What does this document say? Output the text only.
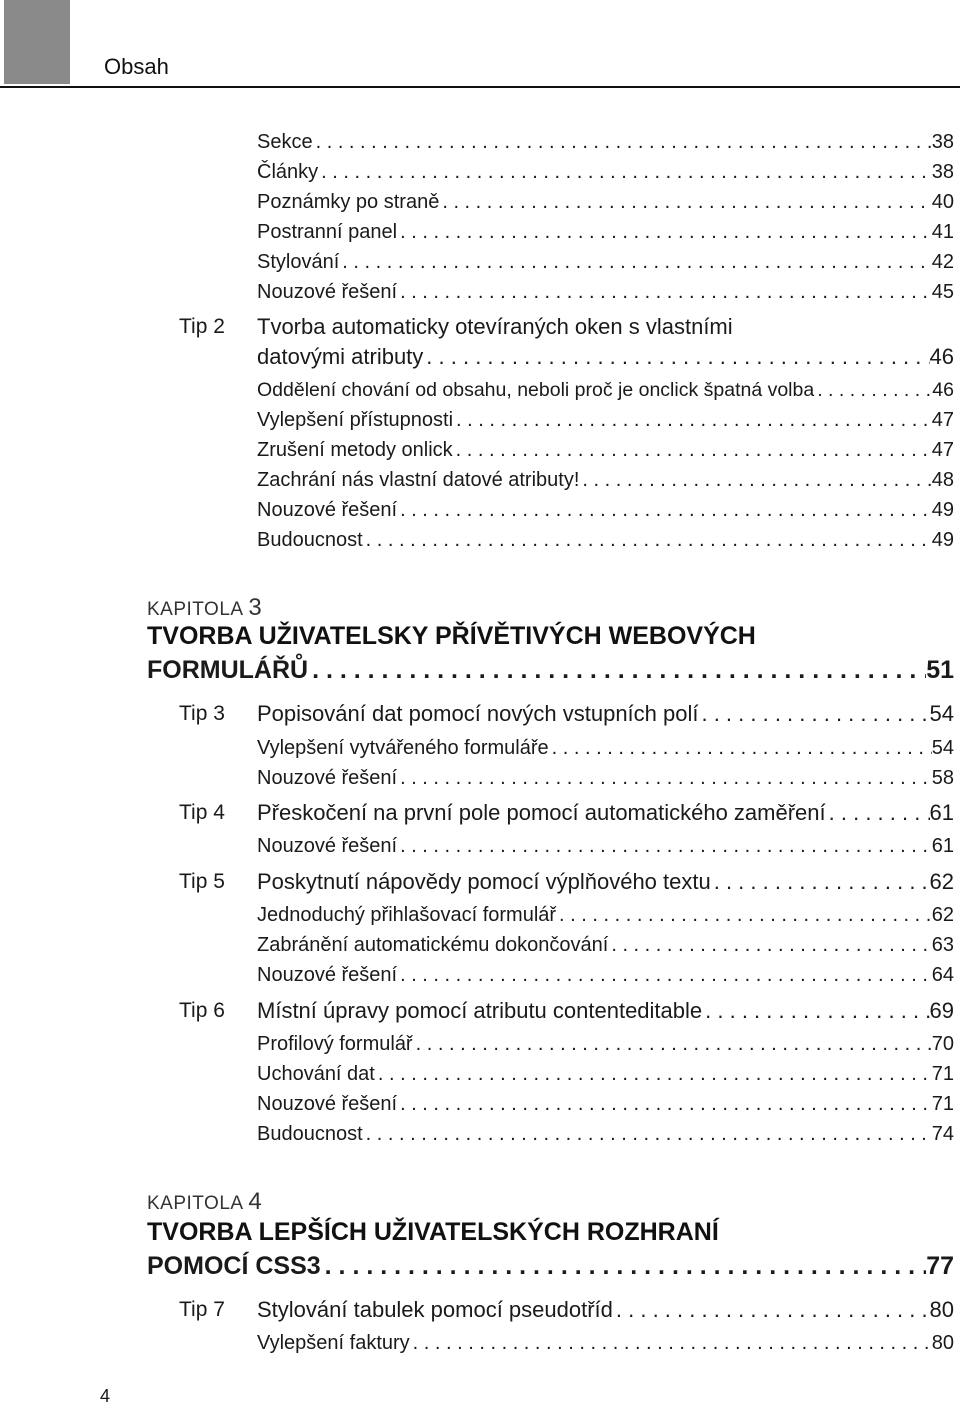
Obsah
Sekce . . .	38
Články . . .	38
Poznámky po straně . . .	40
Postranní panel . . .	41
Stylování . . .	42
Nouzové řešení . . .	45
Tip 2 Tvorba automaticky otevíraných oken s vlastními
datovými atributy . . .	46
Oddělení chování od obsahu, neboli proč je onclick špatná volba . . .	46
Vylepšení přístupnosti . . .	47
Zrušení metody onlick . . .	47
Zachrání nás vlastní datové atributy! . . .	48
Nouzové řešení . . .	49
Budoucnost . . .	49
KAPITOLA 3
TVORBA UŽIVATELSKY PŘÍVĚTIVÝCH WEBOVÝCH
FORMULÁŘŮ . . .	51
Tip 3 Popisování dat pomocí nových vstupních polí . . .	54
Vylepšení vytvářeného formuláře . . .	54
Nouzové řešení . . .	58
Tip 4 Přeskočení na první pole pomocí automatického zaměření . . .	61
Nouzové řešení . . .	61
Tip 5 Poskytnutí nápovědy pomocí výplňového textu . . .	62
Jednoduchý přihlašovací formulář . . .	62
Zabránění automatickému dokončování . . .	63
Nouzové řešení . . .	64
Tip 6 Místní úpravy pomocí atributu contenteditable . . .	69
Profilový formulář . . .	70
Uchování dat . . .	71
Nouzové řešení . . .	71
Budoucnost . . .	74
KAPITOLA 4
TVORBA LEPŠÍCH UŽIVATELSKÝCH ROZHRANÍ
POMOCÍ CSS3 . . .	77
Tip 7 Stylování tabulek pomocí pseudotříd . . .	80
Vylepšení faktury . . .	80
4
